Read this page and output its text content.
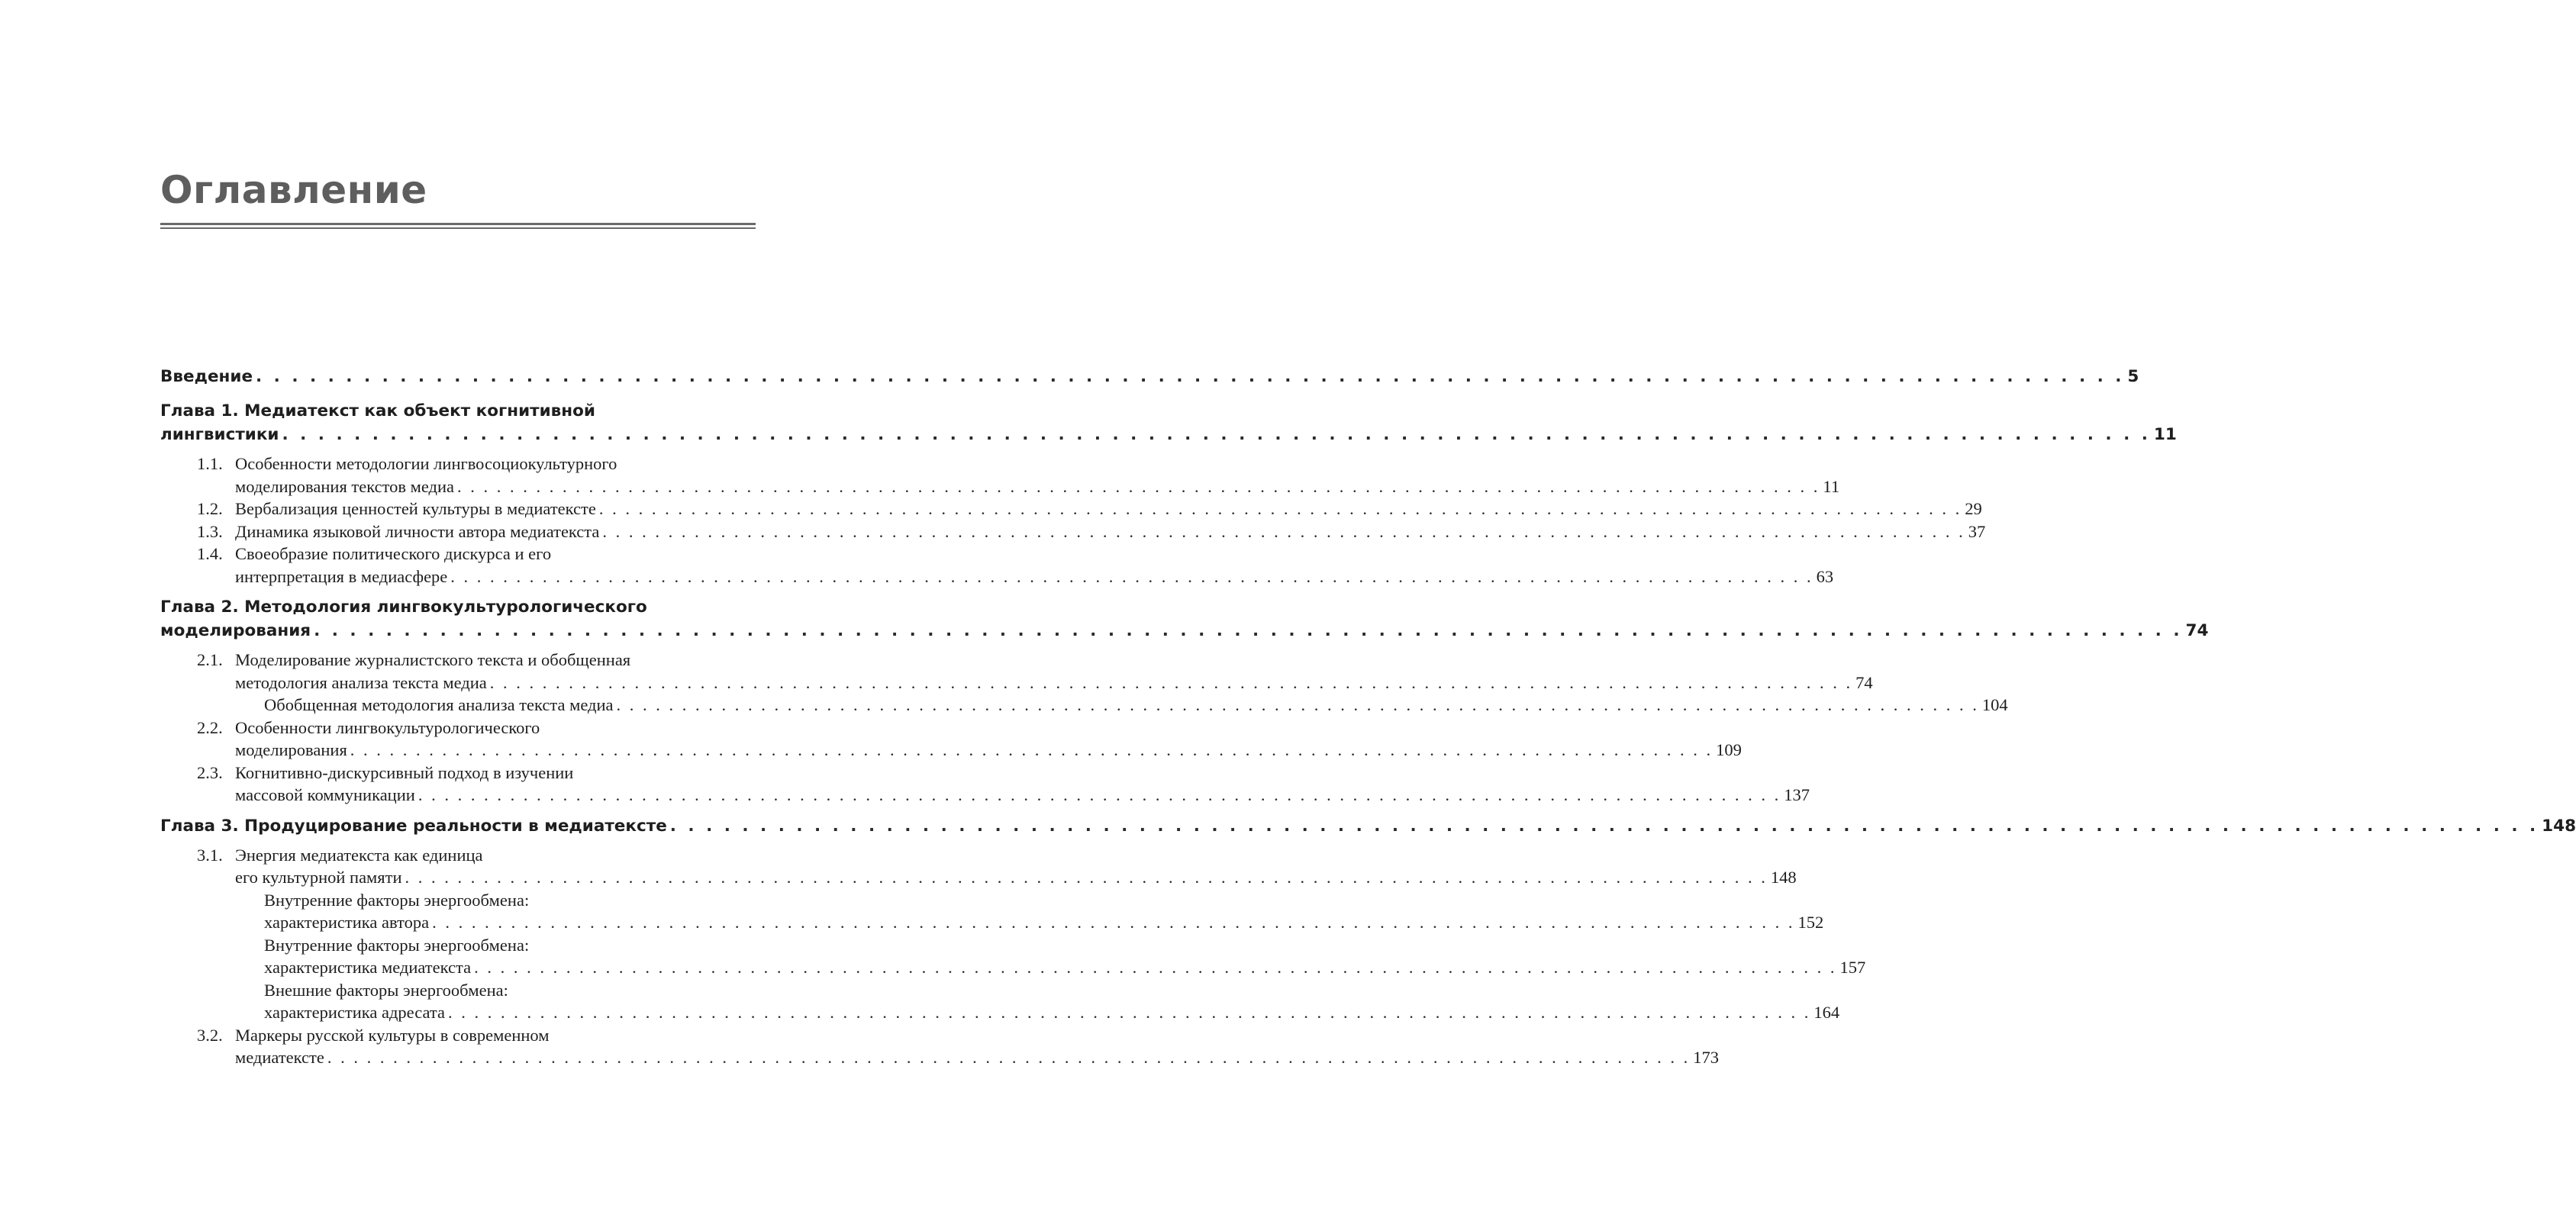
Оглавление
Введение . . .	5
Глава 1. Медиатекст как объект когнитивной
лингвистики . . .	11
1.1. Особенности методологии лингвосоциокультурного
моделирования текстов медиа . . .	11
1.2. Вербализация ценностей культуры в медиатексте . . .	29
1.3. Динамика языковой личности автора медиатекста . . .	37
1.4. Своеобразие политического дискурса и его
интерпретация в медиасфере . . .	63
Глава 2. Методология лингвокультурологического
моделирования . . .	74
2.1. Моделирование журналистского текста и обобщенная
методология анализа текста медиа . . .	74
Обобщенная методология анализа текста медиа . . .	104
2.2. Особенности лингвокультурологического
моделирования . . .	109
2.3. Когнитивно-дискурсивный подход в изучении
массовой коммуникации . . .	137
Глава 3. Продуцирование реальности в медиатексте . . .	148
3.1. Энергия медиатекста как единица
его культурной памяти . . .	148
Внутренние факторы энергообмена:
характеристика автора . . .	152
Внутренние факторы энергообмена:
характеристика медиатекста . . .	157
Внешние факторы энергообмена:
характеристика адресата . . .	164
3.2. Маркеры русской культуры в современном
медиатексте . . .	173
